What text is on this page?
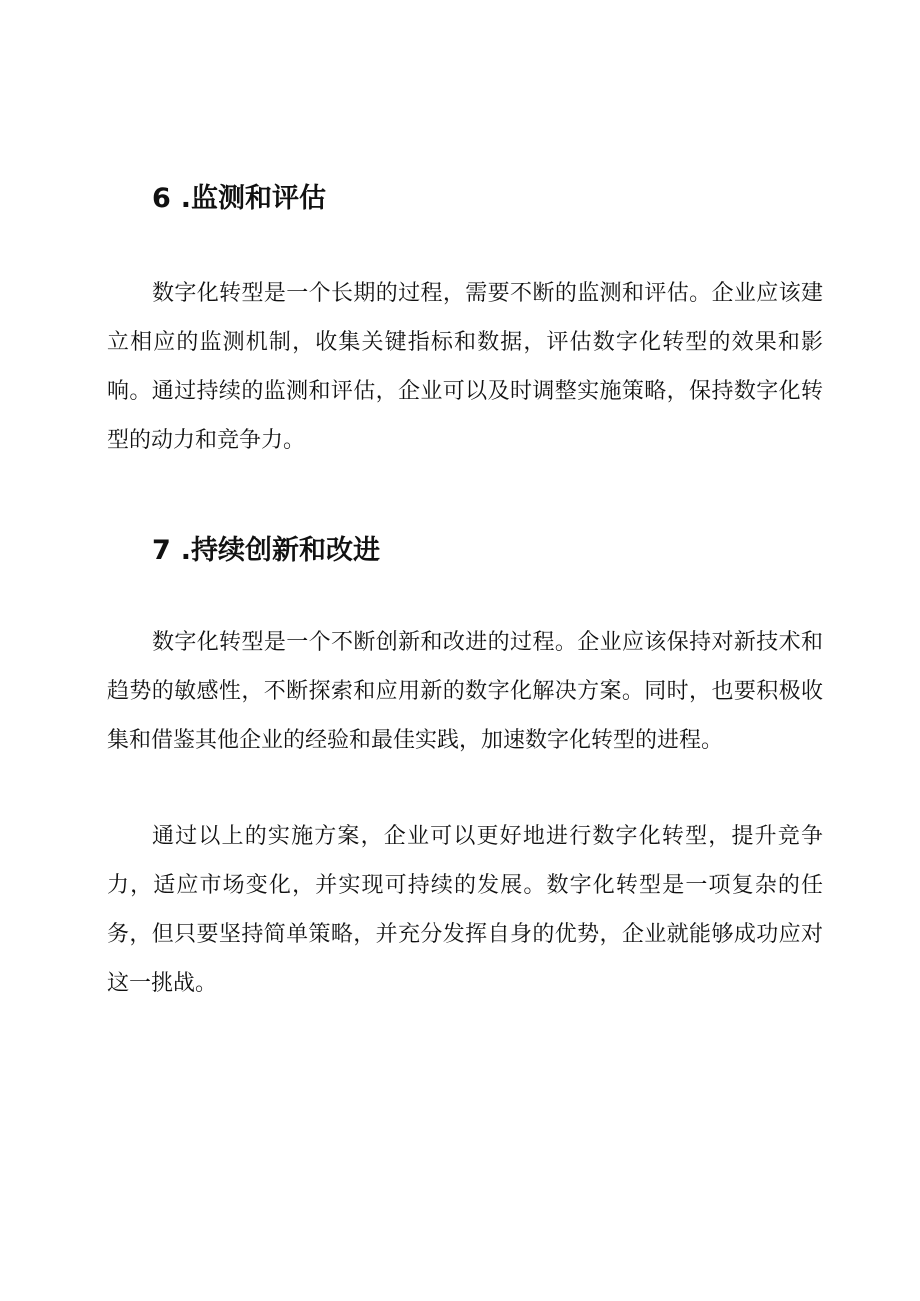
6 .监测和评估

数字化转型是一个长期的过程，需要不断的监测和评估。企业应该建立相应的监测机制，收集关键指标和数据，评估数字化转型的效果和影响。通过持续的监测和评估，企业可以及时调整实施策略，保持数字化转型的动力和竞争力。

7 .持续创新和改进

数字化转型是一个不断创新和改进的过程。企业应该保持对新技术和趋势的敏感性，不断探索和应用新的数字化解决方案。同时，也要积极收集和借鉴其他企业的经验和最佳实践，加速数字化转型的进程。

通过以上的实施方案，企业可以更好地进行数字化转型，提升竞争力，适应市场变化，并实现可持续的发展。数字化转型是一项复杂的任务，但只要坚持简单策略，并充分发挥自身的优势，企业就能够成功应对这一挑战。
